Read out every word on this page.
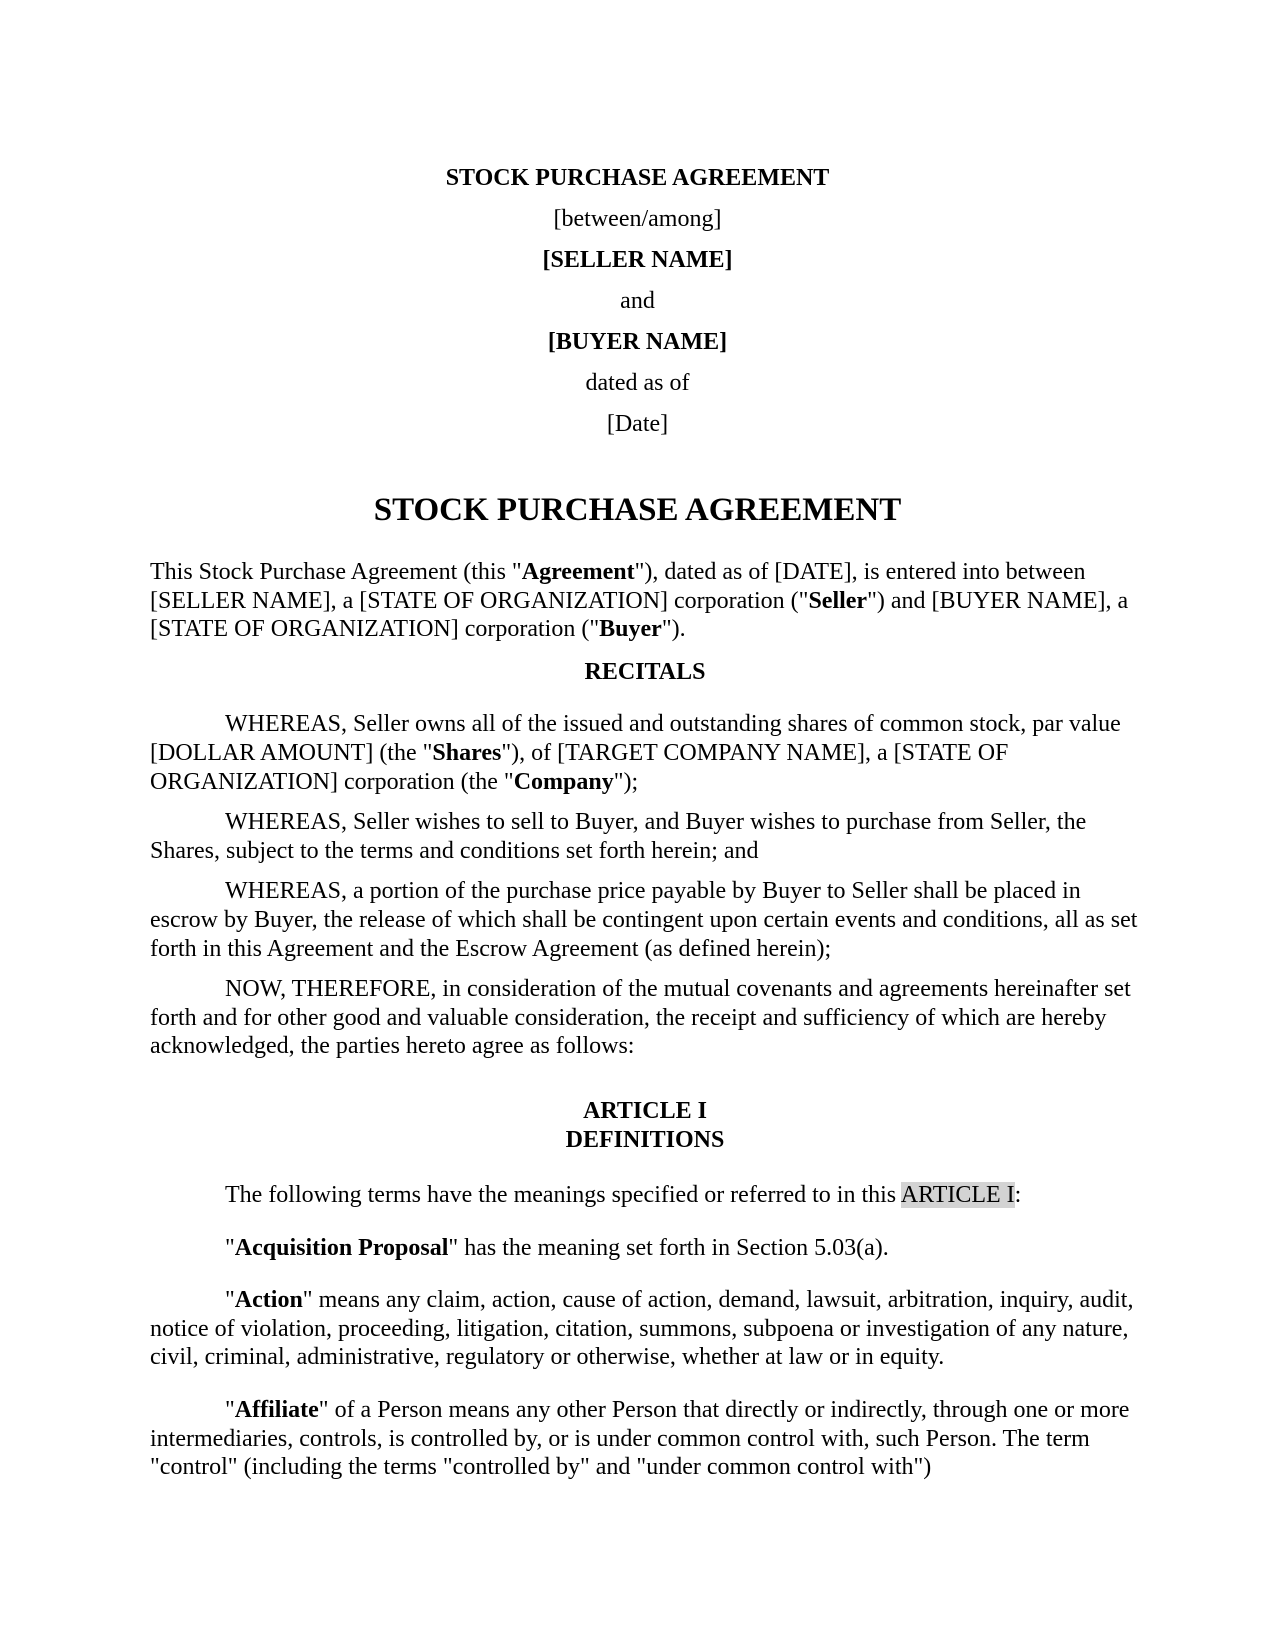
STOCK PURCHASE AGREEMENT
[between/among]
[SELLER NAME]
and
[BUYER NAME]
dated as of
[Date]
STOCK PURCHASE AGREEMENT

This Stock Purchase Agreement (this "Agreement"), dated as of [DATE], is entered into between [SELLER NAME], a [STATE OF ORGANIZATION] corporation ("Seller") and [BUYER NAME], a [STATE OF ORGANIZATION] corporation ("Buyer").

RECITALS

WHEREAS, Seller owns all of the issued and outstanding shares of common stock, par value [DOLLAR AMOUNT] (the "Shares"), of [TARGET COMPANY NAME], a [STATE OF ORGANIZATION] corporation (the "Company");

WHEREAS, Seller wishes to sell to Buyer, and Buyer wishes to purchase from Seller, the Shares, subject to the terms and conditions set forth herein; and

WHEREAS, a portion of the purchase price payable by Buyer to Seller shall be placed in escrow by Buyer, the release of which shall be contingent upon certain events and conditions, all as set forth in this Agreement and the Escrow Agreement (as defined herein);

NOW, THEREFORE, in consideration of the mutual covenants and agreements hereinafter set forth and for other good and valuable consideration, the receipt and sufficiency of which are hereby acknowledged, the parties hereto agree as follows:

ARTICLE I
DEFINITIONS

The following terms have the meanings specified or referred to in this ARTICLE I:

"Acquisition Proposal" has the meaning set forth in Section 5.03(a).

"Action" means any claim, action, cause of action, demand, lawsuit, arbitration, inquiry, audit, notice of violation, proceeding, litigation, citation, summons, subpoena or investigation of any nature, civil, criminal, administrative, regulatory or otherwise, whether at law or in equity.

"Affiliate" of a Person means any other Person that directly or indirectly, through one or more intermediaries, controls, is controlled by, or is under common control with, such Person. The term "control" (including the terms "controlled by" and "under common control with")
